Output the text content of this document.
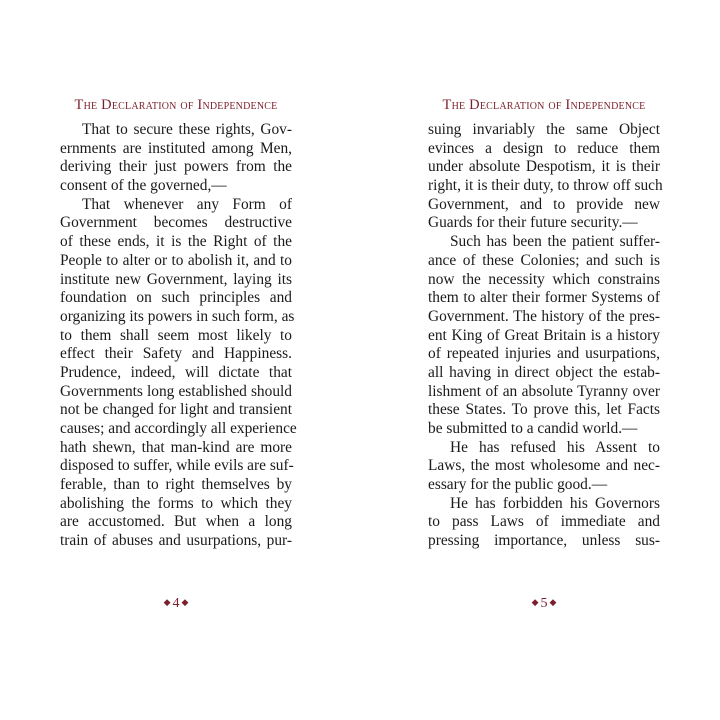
The Declaration of Independence
That to secure these rights, Gov-
ernments are instituted among Men,
deriving their just powers from the
consent of the governed,—
That whenever any Form of
Government becomes destructive
of these ends, it is the Right of the
People to alter or to abolish it, and to
institute new Government, laying its
foundation on such principles and
organizing its powers in such form, as
to them shall seem most likely to
effect their Safety and Happiness.
Prudence, indeed, will dictate that
Governments long established should
not be changed for light and transient
causes; and accordingly all experience
hath shewn, that man-kind are more
disposed to suffer, while evils are suf-
ferable, than to right themselves by
abolishing the forms to which they
are accustomed. But when a long
train of abuses and usurpations, pur-
◆ 4 ◆
The Declaration of Independence
suing invariably the same Object
evinces a design to reduce them
under absolute Despotism, it is their
right, it is their duty, to throw off such
Government, and to provide new
Guards for their future security.—
Such has been the patient suffer-
ance of these Colonies; and such is
now the necessity which constrains
them to alter their former Systems of
Government. The history of the pres-
ent King of Great Britain is a history
of repeated injuries and usurpations,
all having in direct object the estab-
lishment of an absolute Tyranny over
these States. To prove this, let Facts
be submitted to a candid world.—
He has refused his Assent to
Laws, the most wholesome and nec-
essary for the public good.—
He has forbidden his Governors
to pass Laws of immediate and
pressing importance, unless sus-
◆ 5 ◆
